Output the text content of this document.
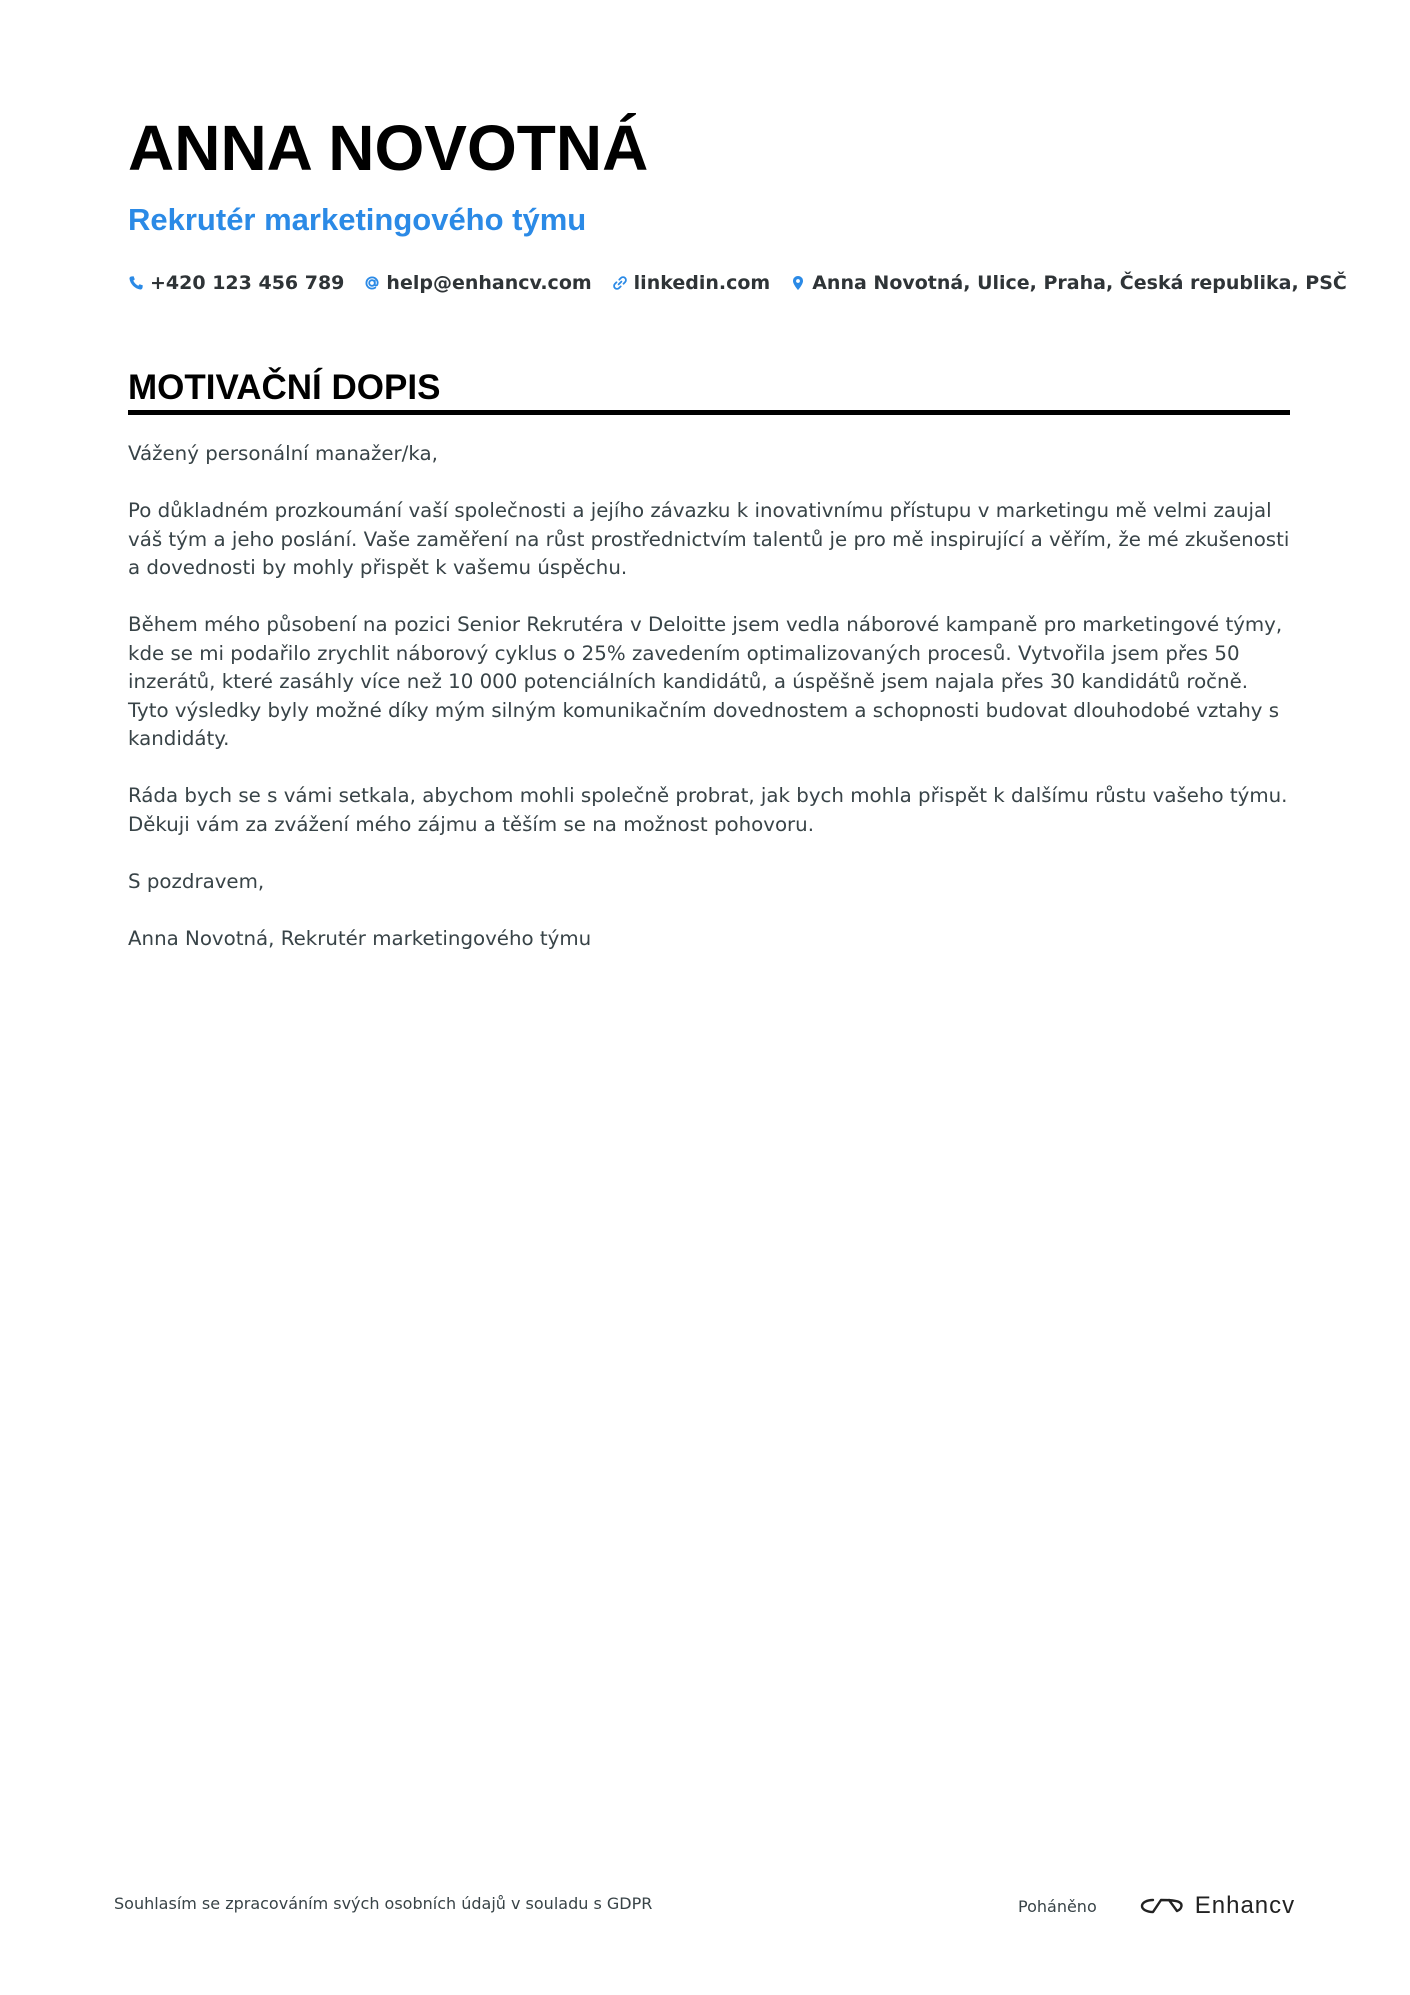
ANNA NOVOTNÁ
Rekrutér marketingového týmu
+420 123 456 789 help@enhancv.com linkedin.com Anna Novotná, Ulice, Praha, Česká republika, PSČ
MOTIVAČNÍ DOPIS

Vážený personální manažer/ka,

Po důkladném prozkoumání vaší společnosti a jejího závazku k inovativnímu přístupu v marketingu mě velmi zaujal váš tým a jeho poslání. Vaše zaměření na růst prostřednictvím talentů je pro mě inspirující a věřím, že mé zkušenosti a dovednosti by mohly přispět k vašemu úspěchu.

Během mého působení na pozici Senior Rekrutéra v Deloitte jsem vedla náborové kampaně pro marketingové týmy, kde se mi podařilo zrychlit náborový cyklus o 25% zavedením optimalizovaných procesů. Vytvořila jsem přes 50 inzerátů, které zasáhly více než 10 000 potenciálních kandidátů, a úspěšně jsem najala přes 30 kandidátů ročně. Tyto výsledky byly možné díky mým silným komunikačním dovednostem a schopnosti budovat dlouhodobé vztahy s kandidáty.

Ráda bych se s vámi setkala, abychom mohli společně probrat, jak bych mohla přispět k dalšímu růstu vašeho týmu. Děkuji vám za zvážení mého zájmu a těším se na možnost pohovoru.

S pozdravem,

Anna Novotná, Rekrutér marketingového týmu

Souhlasím se zpracováním svých osobních údajů v souladu s GDPR	Poháněno	Enhancv
